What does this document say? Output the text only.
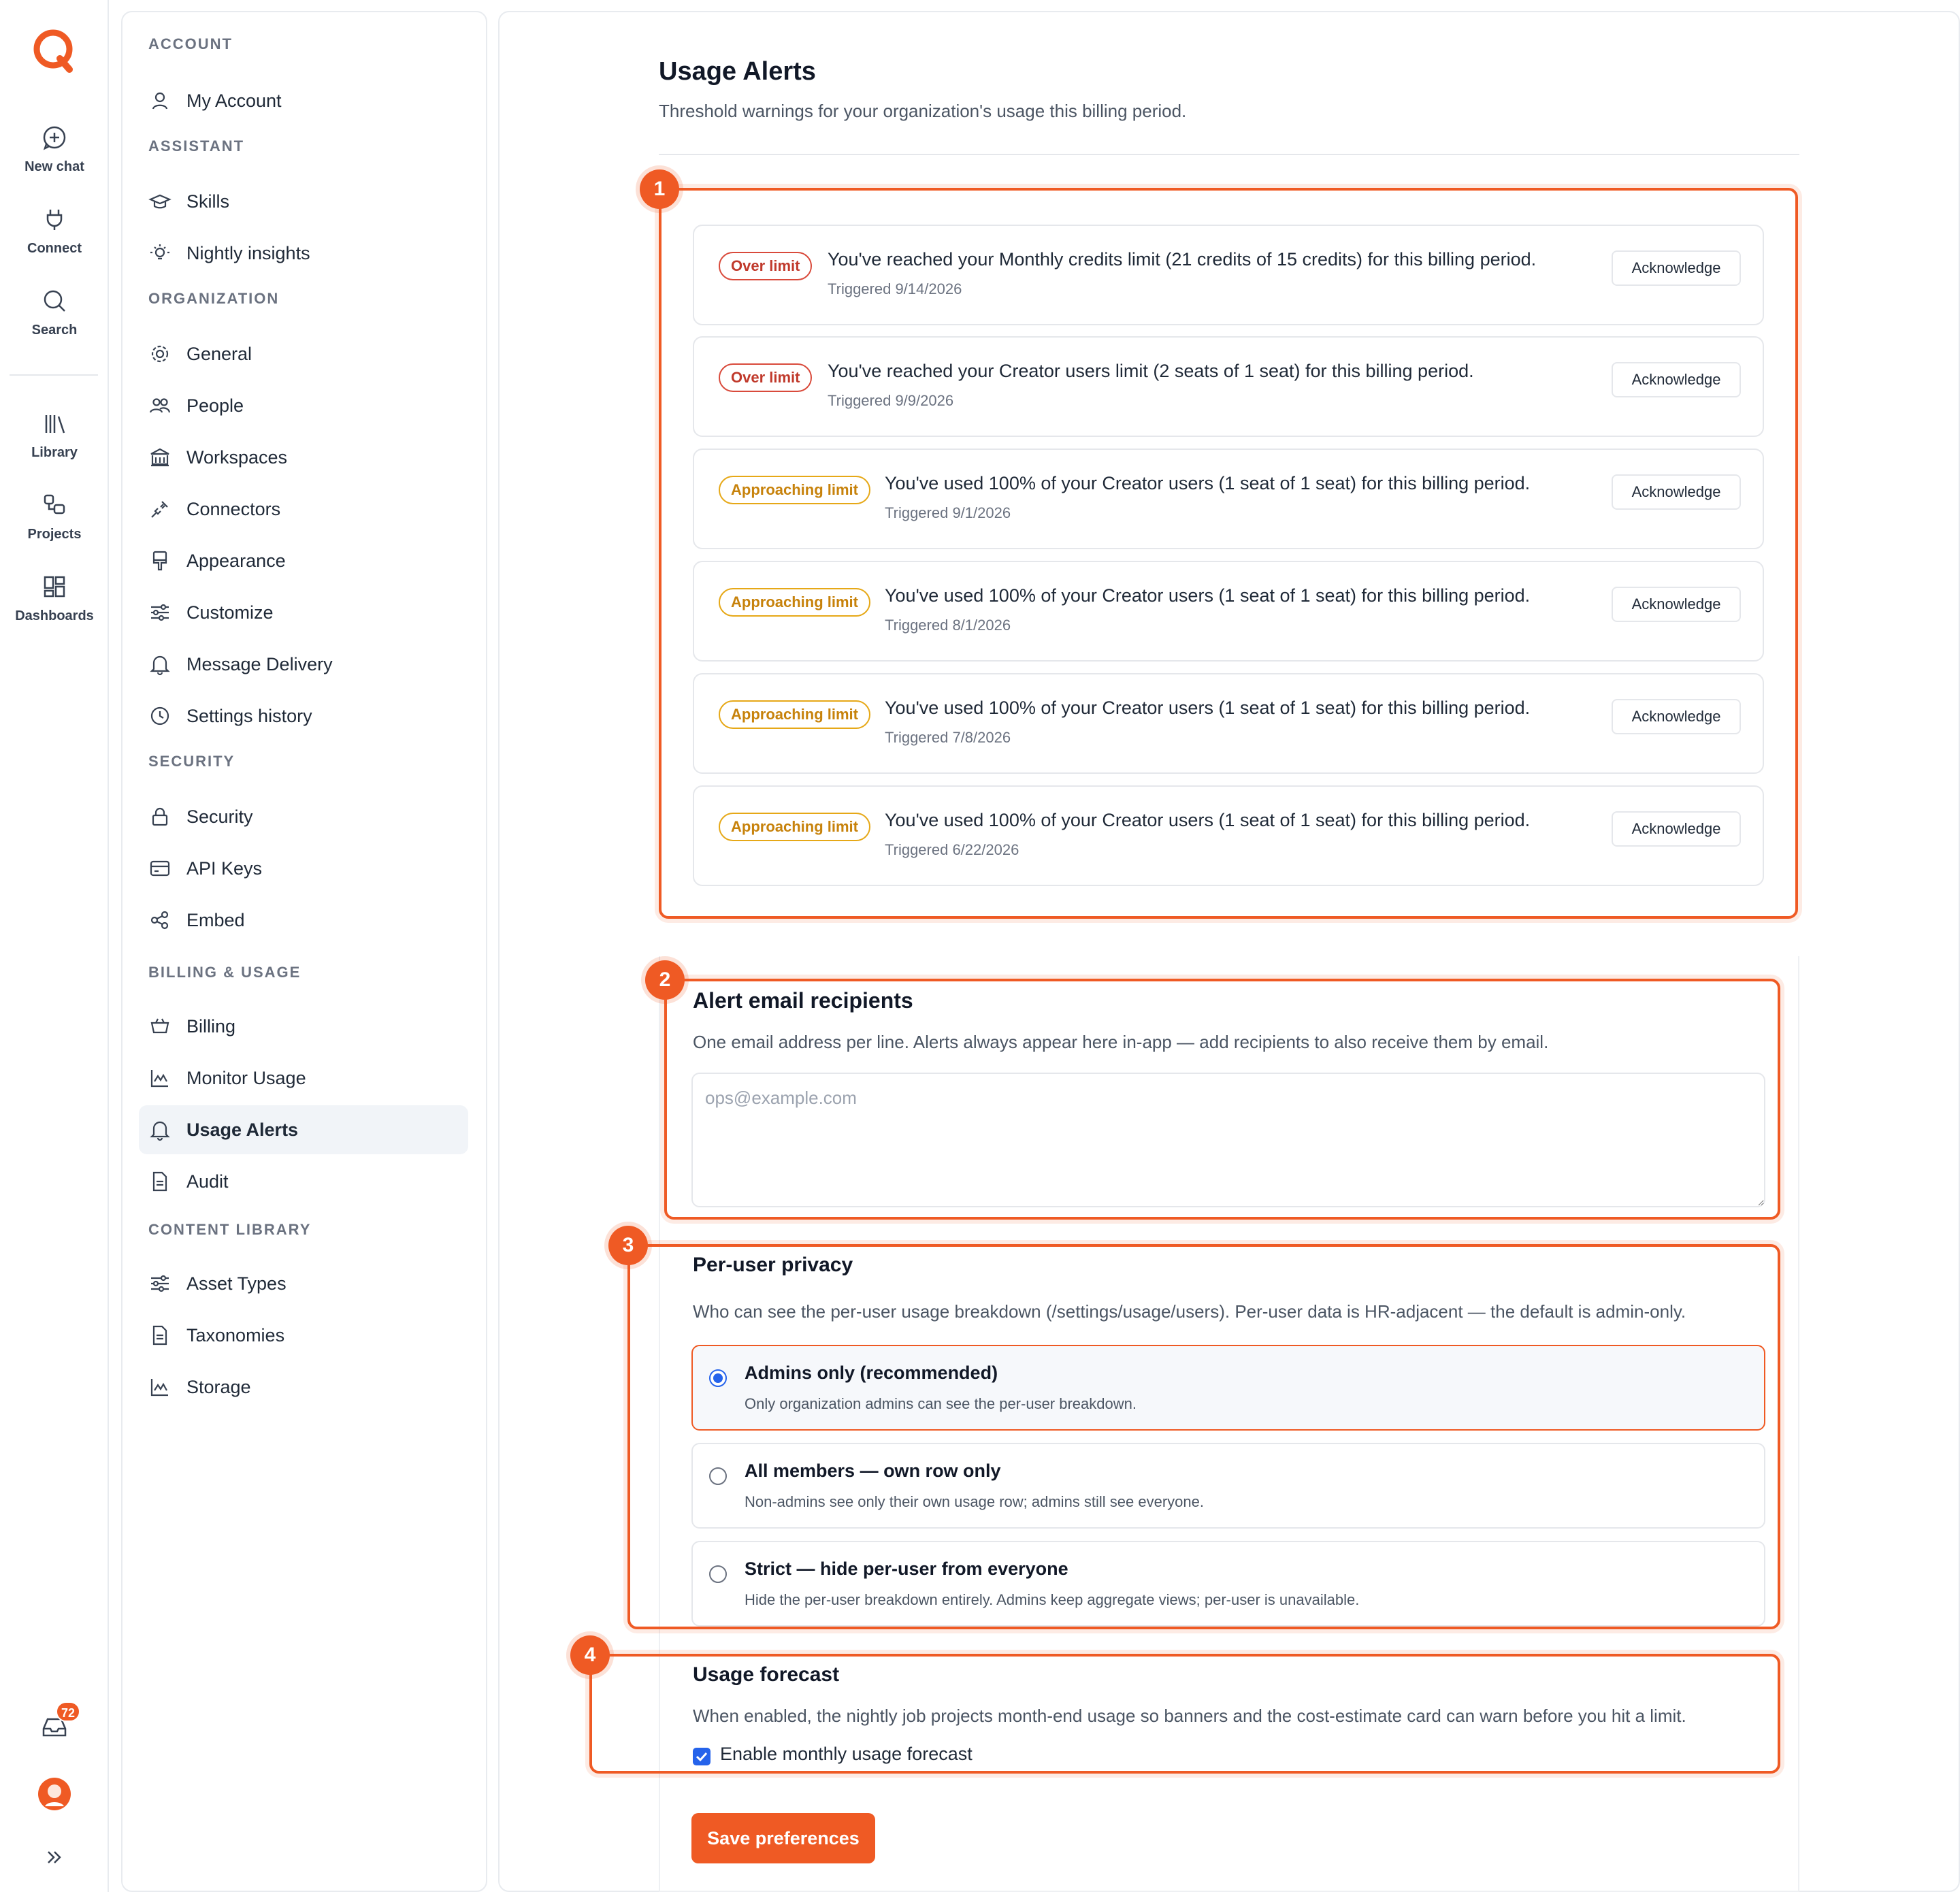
New chat
Connect
Search
Library
Projects
Dashboards
72
ACCOUNT
My Account
ASSISTANT
Skills
Nightly insights
ORGANIZATION
General
People
Workspaces
Connectors
Appearance
Customize
Message Delivery
Settings history
SECURITY
Security
API Keys
Embed
BILLING & USAGE
Billing
Monitor Usage
Usage Alerts
Audit
CONTENT LIBRARY
Asset Types
Taxonomies
Storage
Usage Alerts
Threshold warnings for your organization's usage this billing period.
Over limit	You've reached your Monthly credits limit (21 credits of 15 credits) for this billing period.
Triggered 9/14/2026
Acknowledge
Over limit	You've reached your Creator users limit (2 seats of 1 seat) for this billing period.
Triggered 9/9/2026
Acknowledge
Approaching limit	You've used 100% of your Creator users (1 seat of 1 seat) for this billing period.
Triggered 9/1/2026
Acknowledge
Approaching limit	You've used 100% of your Creator users (1 seat of 1 seat) for this billing period.
Triggered 8/1/2026
Acknowledge
Approaching limit	You've used 100% of your Creator users (1 seat of 1 seat) for this billing period.
Triggered 7/8/2026
Acknowledge
Approaching limit	You've used 100% of your Creator users (1 seat of 1 seat) for this billing period.
Triggered 6/22/2026
Acknowledge
Alert email recipients
One email address per line. Alerts always appear here in-app — add recipients to also receive them by email.
ops@example.com
Per-user privacy
Who can see the per-user usage breakdown (/settings/usage/users). Per-user data is HR-adjacent — the default is admin-only.
Admins only (recommended)
Only organization admins can see the per-user breakdown.
All members — own row only
Non-admins see only their own usage row; admins still see everyone.
Strict — hide per-user from everyone
Hide the per-user breakdown entirely. Admins keep aggregate views; per-user is unavailable.
Usage forecast
When enabled, the nightly job projects month-end usage so banners and the cost-estimate card can warn before you hit a limit.
Enable monthly usage forecast
Save preferences
1
2
3
4
